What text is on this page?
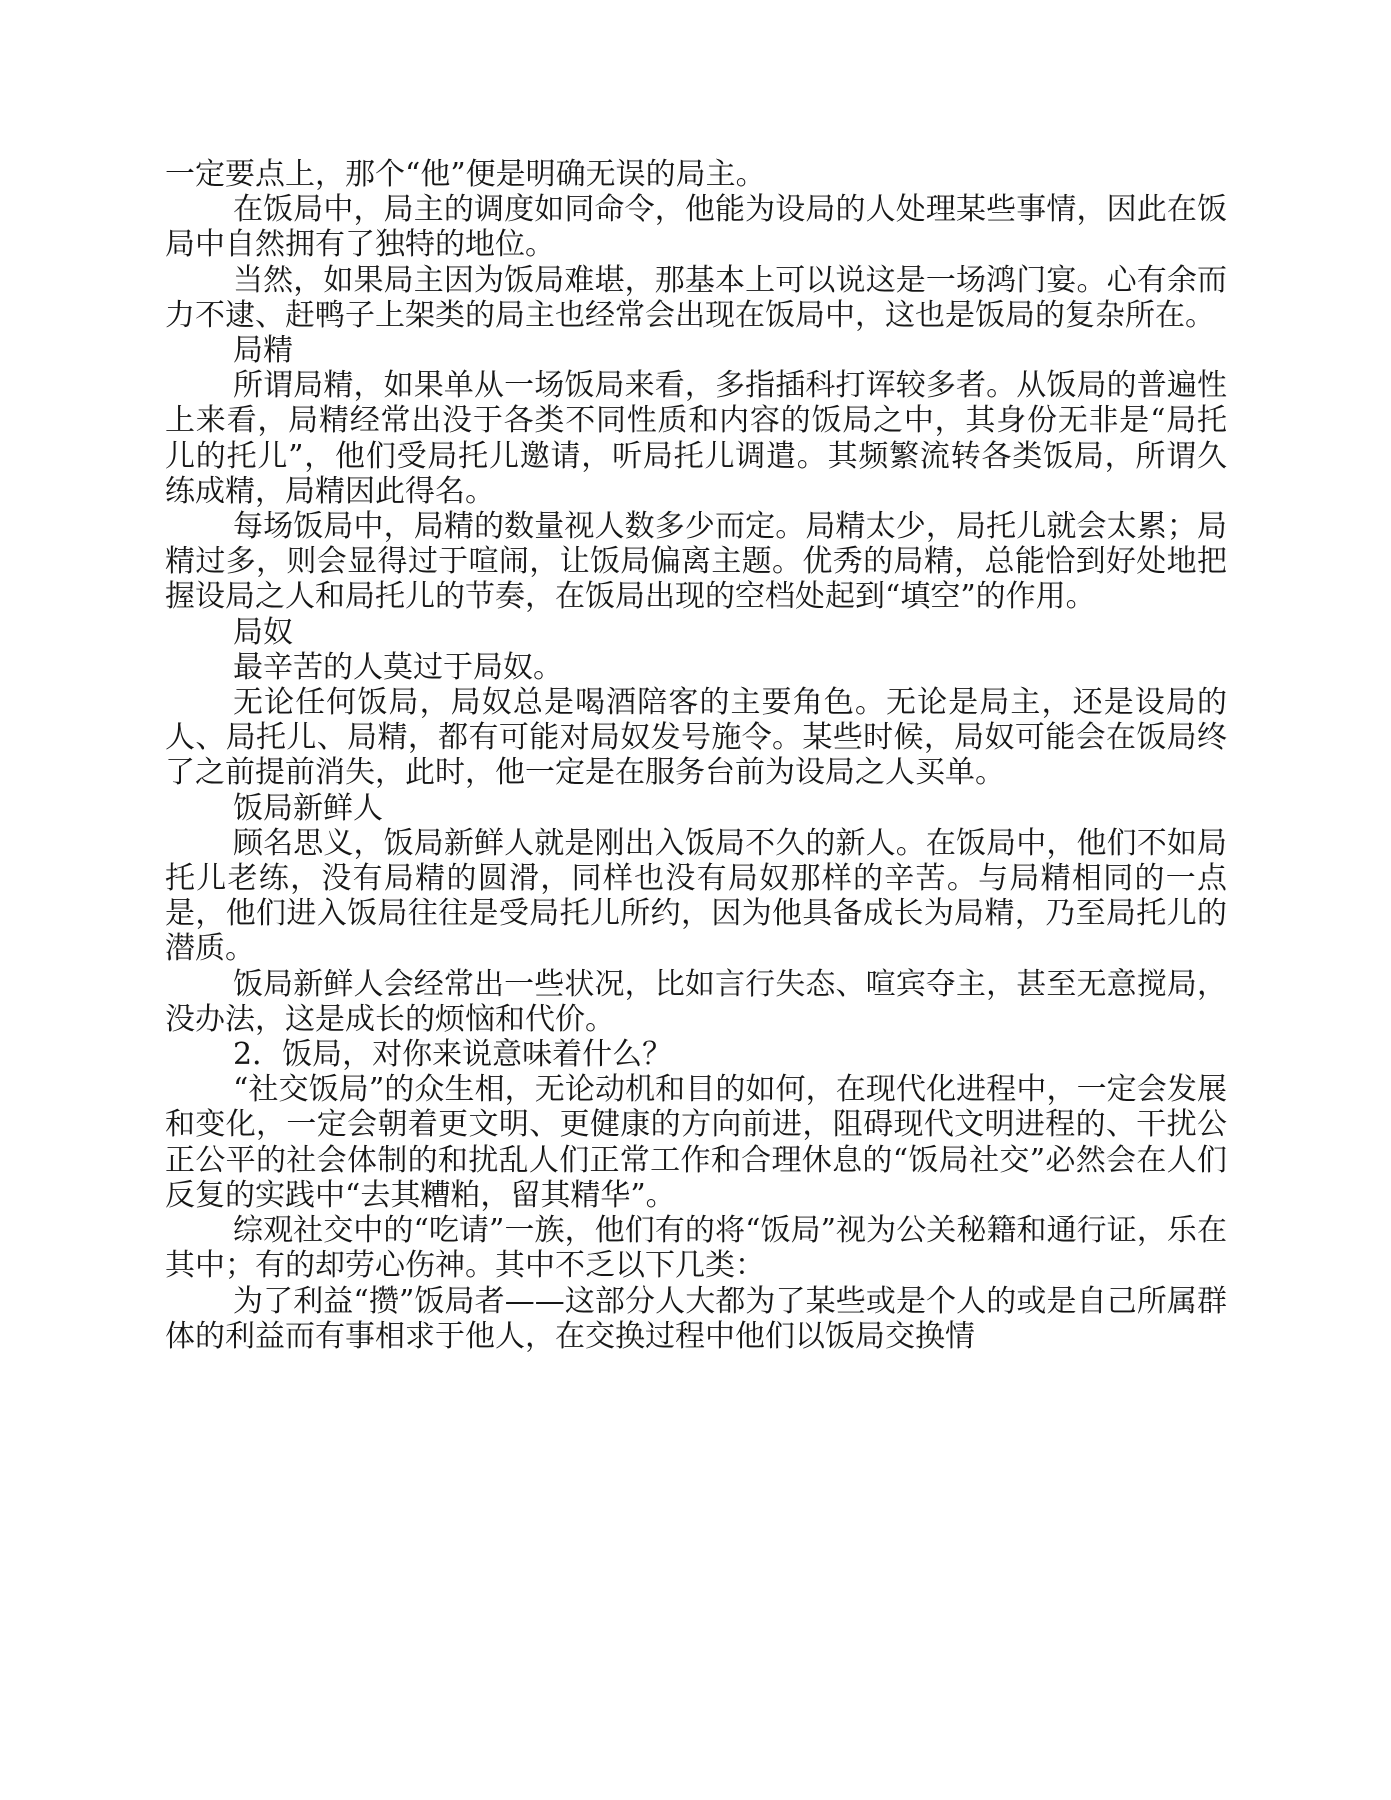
一定要点上，那个“他”便是明确无误的局主。

在饭局中，局主的调度如同命令，他能为设局的人处理某些事情，因此在饭局中自然拥有了独特的地位。

当然，如果局主因为饭局难堪，那基本上可以说这是一场鸿门宴。心有余而力不逮、赶鸭子上架类的局主也经常会出现在饭局中，这也是饭局的复杂所在。

局精

所谓局精，如果单从一场饭局来看，多指插科打诨较多者。从饭局的普遍性上来看，局精经常出没于各类不同性质和内容的饭局之中，其身份无非是“局托儿的托儿”，他们受局托儿邀请，听局托儿调遣。其频繁流转各类饭局，所谓久练成精，局精因此得名。

每场饭局中，局精的数量视人数多少而定。局精太少，局托儿就会太累；局精过多，则会显得过于喧闹，让饭局偏离主题。优秀的局精，总能恰到好处地把握设局之人和局托儿的节奏，在饭局出现的空档处起到“填空”的作用。

局奴

最辛苦的人莫过于局奴。

无论任何饭局，局奴总是喝酒陪客的主要角色。无论是局主，还是设局的人、局托儿、局精，都有可能对局奴发号施令。某些时候，局奴可能会在饭局终了之前提前消失，此时，他一定是在服务台前为设局之人买单。

饭局新鲜人

顾名思义，饭局新鲜人就是刚出入饭局不久的新人。在饭局中，他们不如局托儿老练，没有局精的圆滑，同样也没有局奴那样的辛苦。与局精相同的一点是，他们进入饭局往往是受局托儿所约，因为他具备成长为局精，乃至局托儿的潜质。

饭局新鲜人会经常出一些状况，比如言行失态、喧宾夺主，甚至无意搅局，没办法，这是成长的烦恼和代价。

2．饭局，对你来说意味着什么？

“社交饭局”的众生相，无论动机和目的如何，在现代化进程中，一定会发展和变化，一定会朝着更文明、更健康的方向前进，阻碍现代文明进程的、干扰公正公平的社会体制的和扰乱人们正常工作和合理休息的“饭局社交”必然会在人们反复的实践中“去其糟粕，留其精华”。

综观社交中的“吃请”一族，他们有的将“饭局”视为公关秘籍和通行证，乐在其中；有的却劳心伤神。其中不乏以下几类：

为了利益“攒”饭局者——这部分人大都为了某些或是个人的或是自己所属群体的利益而有事相求于他人，在交换过程中他们以饭局交换情
